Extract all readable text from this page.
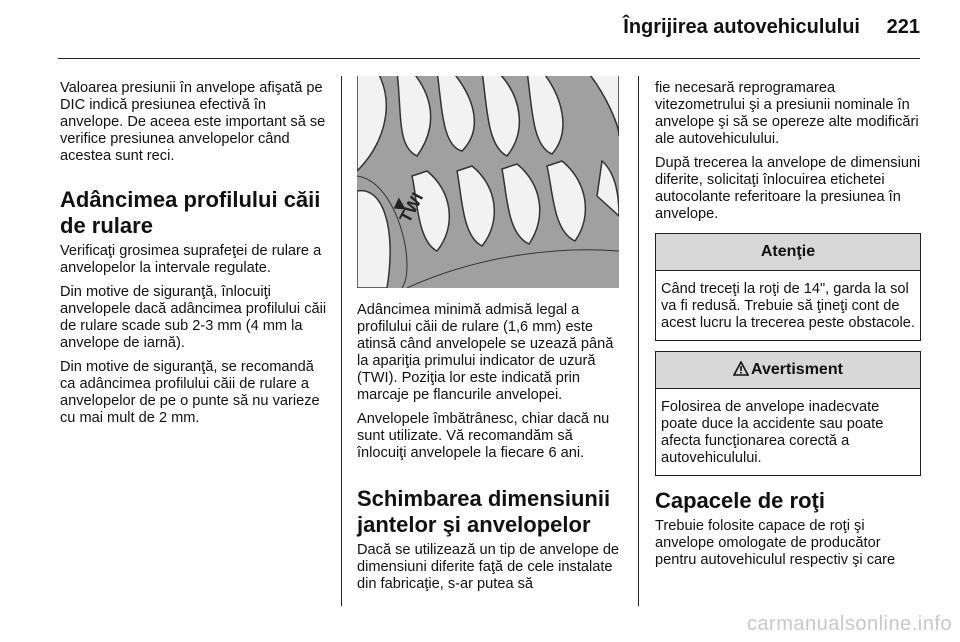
Îngrijirea autovehiculului	221

Valoarea presiunii în anvelope afişată pe DIC indică presiunea efectivă în anvelope. De aceea este important să se verifice presiunea anvelopelor când acestea sunt reci.

Adâncimea profilului căii de rulare

Verificaţi grosimea suprafeţei de rulare a anvelopelor la intervale regulate.

Din motive de siguranţă, înlocuiţi anvelopele dacă adâncimea profilului căii de rulare scade sub 2-3 mm (4 mm la anvelope de iarnă).

Din motive de siguranţă, se recomandă ca adâncimea profilului căii de rulare a anvelopelor de pe o punte să nu varieze cu mai mult de 2 mm.

TWI

Adâncimea minimă admisă legal a profilului căii de rulare (1,6 mm) este atinsă când anvelopele se uzează până la apariţia primului indicator de uzură (TWI). Poziţia lor este indicată prin marcaje pe flancurile anvelopei.

Anvelopele îmbătrânesc, chiar dacă nu sunt utilizate. Vă recomandăm să înlocuiţi anvelopele la fiecare 6 ani.

Schimbarea dimensiunii jantelor şi anvelopelor

Dacă se utilizează un tip de anvelope de dimensiuni diferite faţă de cele instalate din fabricaţie, s-ar putea să

fie necesară reprogramarea vitezometrului şi a presiunii nominale în anvelope şi să se opereze alte modificări ale autovehiculului.

După trecerea la anvelope de dimensiuni diferite, solicitaţi înlocuirea etichetei autocolante referitoare la presiunea în anvelope.

Atenţie
Când treceţi la roţi de 14", garda la sol va fi redusă. Trebuie să ţineţi cont de acest lucru la trecerea peste obstacole.
Avertisment
Folosirea de anvelope inadecvate poate duce la accidente sau poate afecta funcţionarea corectă a autovehiculului.
Capacele de roţi

Trebuie folosite capace de roţi şi anvelope omologate de producător pentru autovehiculul respectiv şi care

carmanualsonline.info
